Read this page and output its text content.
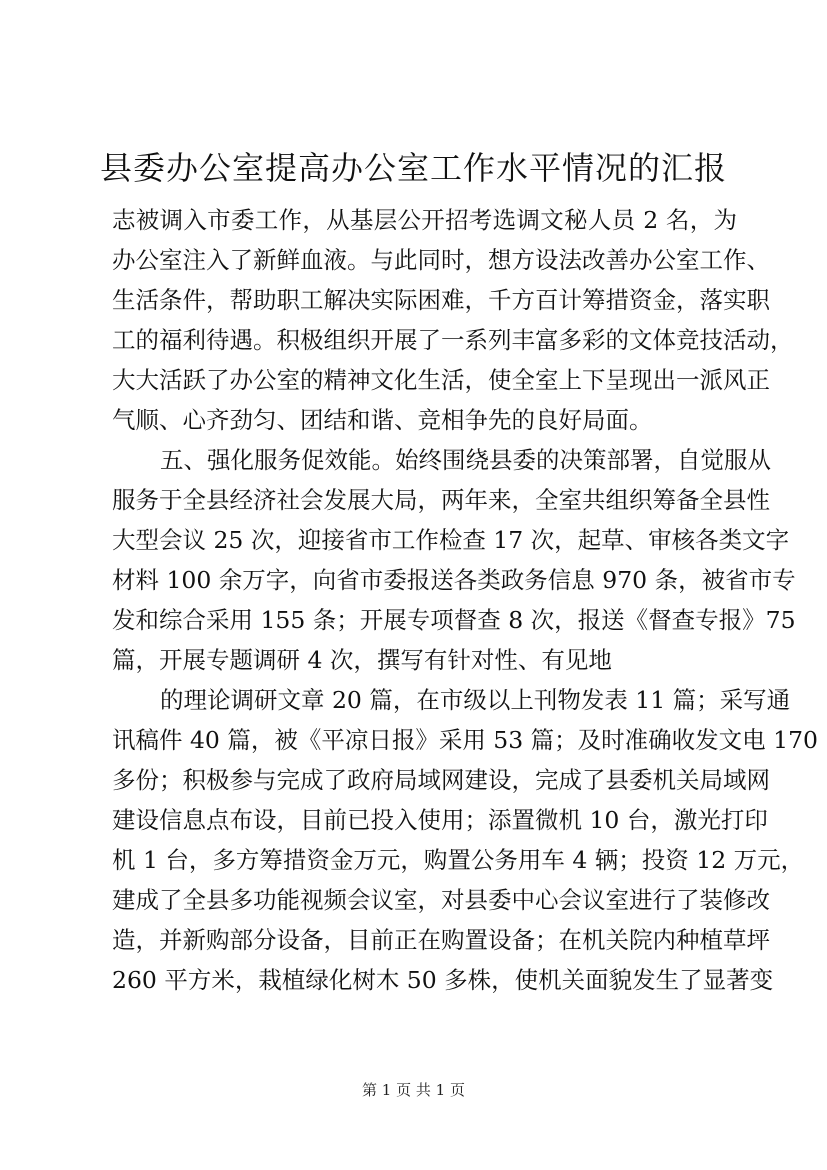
县委办公室提高办公室工作水平情况的汇报
志被调入市委工作，从基层公开招考选调文秘人员 2 名，为
办公室注入了新鲜血液。与此同时，想方设法改善办公室工作、
生活条件，帮助职工解决实际困难，千方百计筹措资金，落实职
工的福利待遇。积极组织开展了一系列丰富多彩的文体竞技活动，
大大活跃了办公室的精神文化生活，使全室上下呈现出一派风正
气顺、心齐劲匀、团结和谐、竞相争先的良好局面。
五、强化服务促效能。始终围绕县委的决策部署，自觉服从
服务于全县经济社会发展大局，两年来，全室共组织筹备全县性
大型会议 25 次，迎接省市工作检查 17 次，起草、审核各类文字
材料 100 余万字，向省市委报送各类政务信息 970 条，被省市专
发和综合采用 155 条；开展专项督查 8 次，报送《督查专报》75
篇，开展专题调研 4 次，撰写有针对性、有见地
的理论调研文章 20 篇，在市级以上刊物发表 11 篇；采写通
讯稿件 40 篇，被《平凉日报》采用 53 篇；及时准确收发文电 170
多份；积极参与完成了政府局域网建设，完成了县委机关局域网
建设信息点布设，目前已投入使用；添置微机 10 台，激光打印
机 1 台，多方筹措资金万元，购置公务用车 4 辆；投资 12 万元，
建成了全县多功能视频会议室，对县委中心会议室进行了装修改
造，并新购部分设备，目前正在购置设备；在机关院内种植草坪
260 平方米，栽植绿化树木 50 多株，使机关面貌发生了显著变
第 1 页 共 1 页
